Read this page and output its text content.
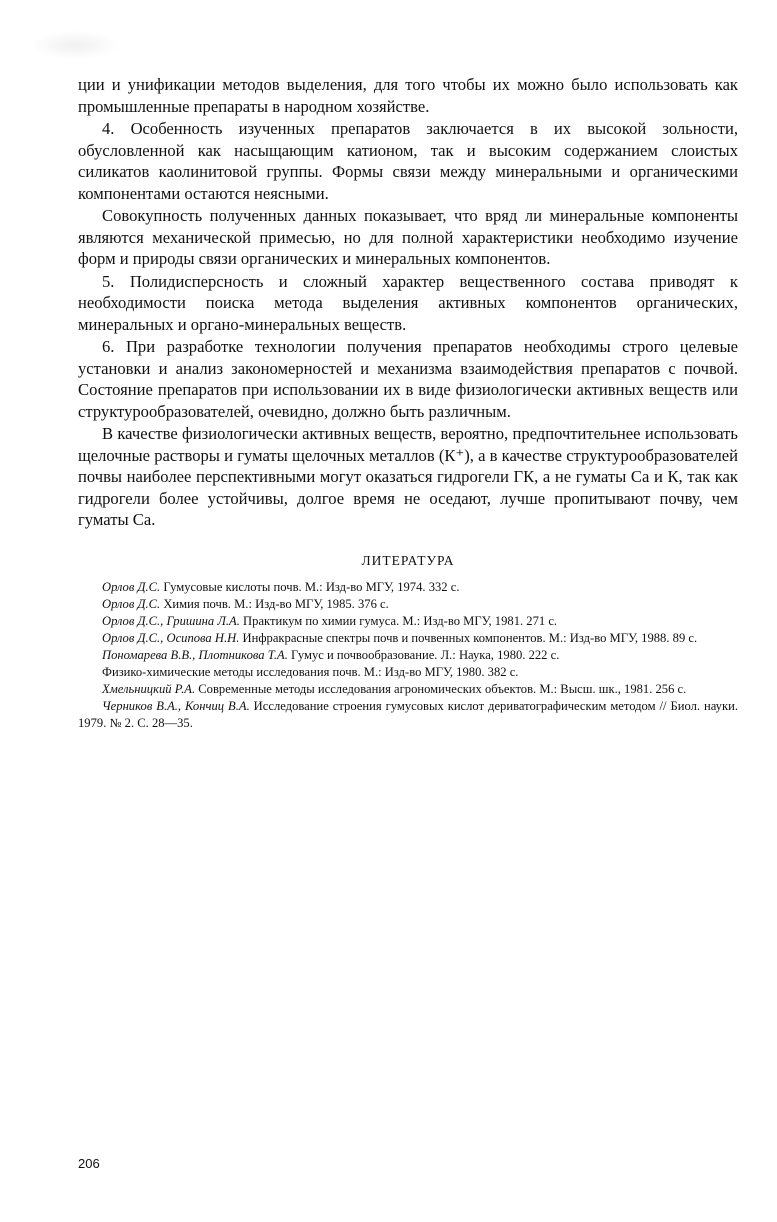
ции и унификации методов выделения, для того чтобы их можно было использовать как промышленные препараты в народном хозяйстве.

4. Особенность изученных препаратов заключается в их высокой зольности, обусловленной как насыщающим катионом, так и высоким содержанием слоистых силикатов каолинитовой группы. Формы связи между минеральными и органическими компонентами остаются неясными.

Совокупность полученных данных показывает, что вряд ли минеральные компоненты являются механической примесью, но для полной характеристики необходимо изучение форм и природы связи органических и минеральных компонентов.

5. Полидисперсность и сложный характер вещественного состава приводят к необходимости поиска метода выделения активных компонентов органических, минеральных и органо-минеральных веществ.

6. При разработке технологии получения препаратов необходимы строго целевые установки и анализ закономерностей и механизма взаимодействия препаратов с почвой. Состояние препаратов при использовании их в виде физиологически активных веществ или структурообразователей, очевидно, должно быть различным.

В качестве физиологически активных веществ, вероятно, предпочтительнее использовать щелочные растворы и гуматы щелочных металлов (К⁺), а в качестве структурообразователей почвы наиболее перспективными могут оказаться гидрогели ГК, а не гуматы Са и К, так как гидрогели более устойчивы, долгое время не оседают, лучше пропитывают почву, чем гуматы Са.

ЛИТЕРАТУРА
Орлов Д.С. Гумусовые кислоты почв. М.: Изд-во МГУ, 1974. 332 с.
Орлов Д.С. Химия почв. М.: Изд-во МГУ, 1985. 376 с.
Орлов Д.С., Гришина Л.А. Практикум по химии гумуса. М.: Изд-во МГУ, 1981. 271 с.
Орлов Д.С., Осипова Н.Н. Инфракрасные спектры почв и почвенных компонентов. М.: Изд-во МГУ, 1988. 89 с.
Пономарева В.В., Плотникова Т.А. Гумус и почвообразование. Л.: Наука, 1980. 222 с.
Физико-химические методы исследования почв. М.: Изд-во МГУ, 1980. 382 с.
Хмельницкий Р.А. Современные методы исследования агрономических объектов. М.: Высш. шк., 1981. 256 с.
Черников В.А., Кончиц В.А. Исследование строения гумусовых кислот дериватографическим методом // Биол. науки. 1979. № 2. С. 28—35.
206
